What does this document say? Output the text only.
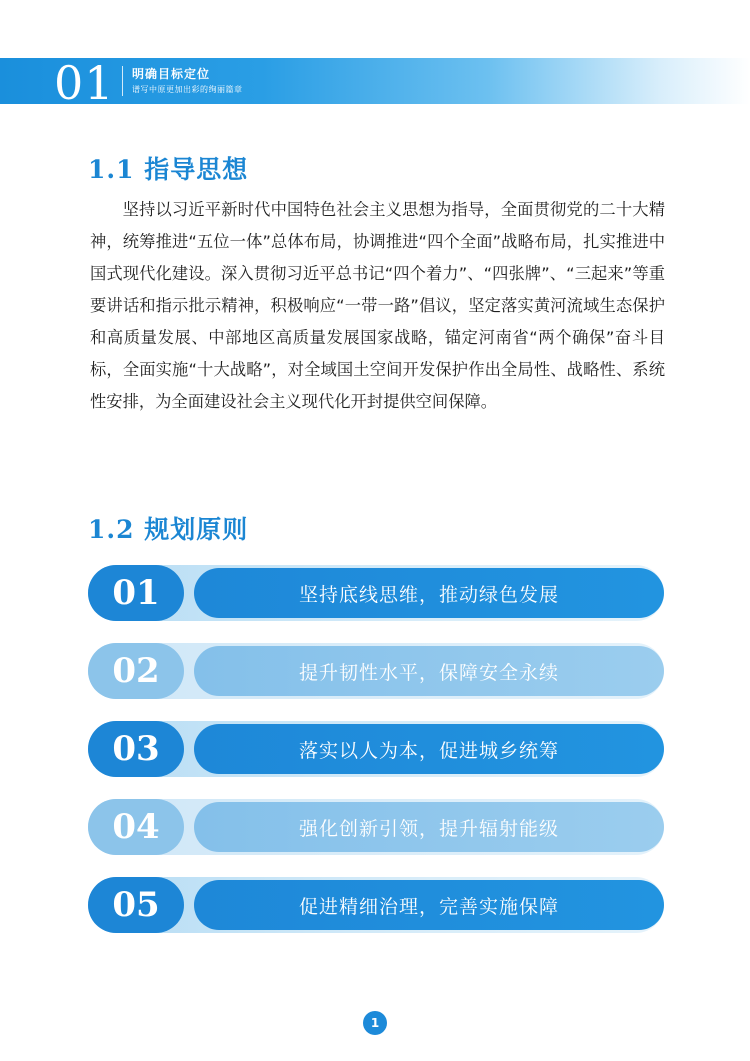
01 明确目标定位
谱写中原更加出彩的绚丽篇章
1.1 指导思想
坚持以习近平新时代中国特色社会主义思想为指导，全面贯彻党的二十大精神，统筹推进“五位一体”总体布局，协调推进“四个全面”战略布局，扎实推进中国式现代化建设。深入贯彻习近平总书记“四个着力”、“四张牌”、“三起来”等重要讲话和指示批示精神，积极响应“一带一路”倡议，坚定落实黄河流域生态保护和高质量发展、中部地区高质量发展国家战略，锚定河南省“两个确保”奋斗目标，全面实施“十大战略”，对全域国土空间开发保护作出全局性、战略性、系统性安排，为全面建设社会主义现代化开封提供空间保障。
1.2 规划原则
01	坚持底线思维，推动绿色发展
02	提升韧性水平，保障安全永续
03	落实以人为本，促进城乡统筹
04	强化创新引领，提升辐射能级
05	促进精细治理，完善实施保障
1
